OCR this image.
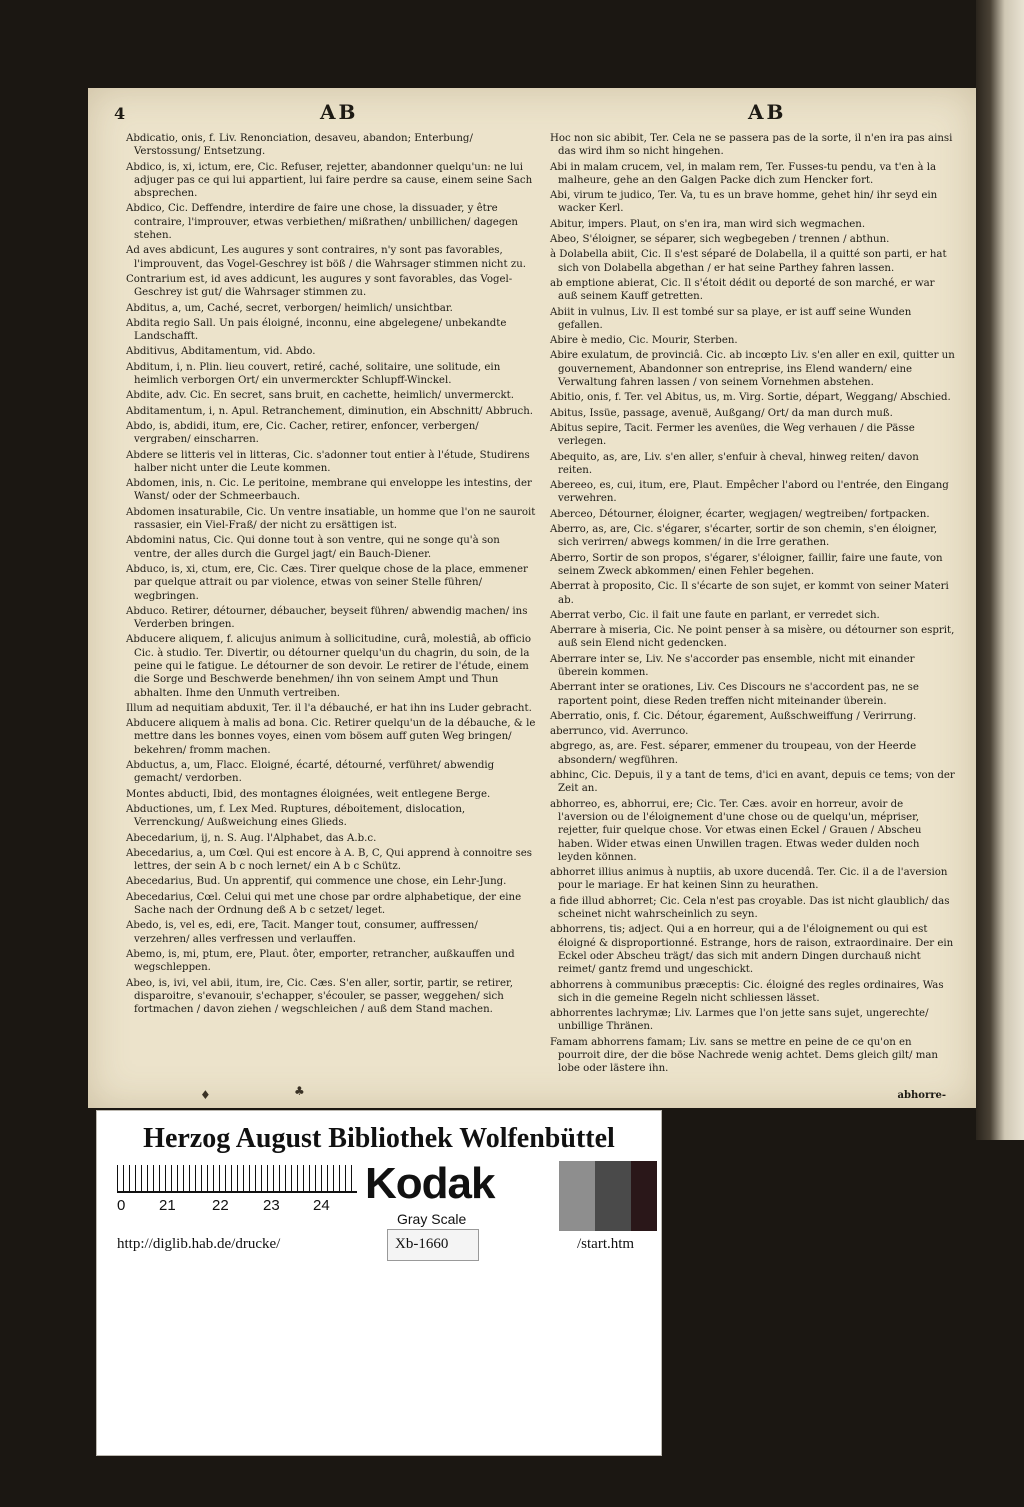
4	AB	AB
Abdicatio, onis, f. Liv. Renonciation, desaveu, abandon; Enterbung/ Verstossung/ Entsetzung.
Abdico, is, xi, ictum, ere, Cic. Refuser, rejetter, abandonner quelqu'un: ne lui adjuger pas ce qui lui appartient, lui faire perdre sa cause, einem seine Sach absprechen.
Abdico, Cic. Deffendre, interdire de faire une chose, la dissuader, y être contraire, l'improuver, etwas verbiethen/ mißrathen/ unbillichen/ dagegen stehen.
Ad aves abdicunt, Les augures y sont contraires, n'y sont pas favorables, l'improuvent, das Vogel-Geschrey ist böß / die Wahrsager stimmen nicht zu.
Contrarium est, id aves addicunt, les augures y sont favorables, das Vogel-Geschrey ist gut/ die Wahrsager stimmen zu.
Abditus, a, um, Caché, secret, verborgen/ heimlich/ unsichtbar.
Abdita regio Sall. Un pais éloigné, inconnu, eine abgelegene/ unbekandte Landschafft.
Abditivus, Abditamentum, vid. Abdo.
Abditum, i, n. Plin. lieu couvert, retiré, caché, solitaire, une solitude, ein heimlich verborgen Ort/ ein unvermerckter Schlupff-Winckel.
Abdite, adv. Cic. En secret, sans bruit, en cachette, heimlich/ unvermerckt.
Abditamentum, i, n. Apul. Retranchement, diminution, ein Abschnitt/ Abbruch.
Abdo, is, abdidi, itum, ere, Cic. Cacher, retirer, enfoncer, verbergen/ vergraben/ einscharren.
Abdere se litteris vel in litteras, Cic. s'adonner tout entier à l'étude, Studirens halber nicht unter die Leute kommen.
Abdomen, inis, n. Cic. Le peritoine, membrane qui enveloppe les intestins, der Wanst/ oder der Schmeerbauch.
Abdomen insaturabile, Cic. Un ventre insatiable, un homme que l'on ne sauroit rassasier, ein Viel-Fraß/ der nicht zu ersättigen ist.
Abdomini natus, Cic. Qui donne tout à son ventre, qui ne songe qu'à son ventre, der alles durch die Gurgel jagt/ ein Bauch-Diener.
Abduco, is, xi, ctum, ere, Cic. Cæs. Tirer quelque chose de la place, emmener par quelque attrait ou par violence, etwas von seiner Stelle führen/ wegbringen.
Abduco. Retirer, détourner, débaucher, beyseit führen/ abwendig machen/ ins Verderben bringen.
Abducere aliquem, f. alicujus animum à sollicitudine, curâ, molestiâ, ab officio Cic. à studio. Ter. Divertir, ou détourner quelqu'un du chagrin, du soin, de la peine qui le fatigue. Le détourner de son devoir. Le retirer de l'étude, einem die Sorge und Beschwerde benehmen/ ihn von seinem Ampt und Thun abhalten. Ihme den Unmuth vertreiben.
Illum ad nequitiam abduxit, Ter. il l'a débauché, er hat ihn ins Luder gebracht.
Abducere aliquem à malis ad bona. Cic. Retirer quelqu'un de la débauche, & le mettre dans les bonnes voyes, einen vom bösem auff guten Weg bringen/ bekehren/ fromm machen.
Abductus, a, um, Flacc. Eloigné, écarté, détourné, verführet/ abwendig gemacht/ verdorben.
Montes abducti, Ibid, des montagnes éloignées, weit entlegene Berge.
Abductiones, um, f. Lex Med. Ruptures, déboitement, dislocation, Verrenckung/ Außweichung eines Glieds.
Abecedarium, ij, n. S. Aug. l'Alphabet, das A.b.c.
Abecedarius, a, um Cœl. Qui est encore à A. B, C, Qui apprend à connoitre ses lettres, der sein A b c noch lernet/ ein A b c Schütz.
Abecedarius, Bud. Un apprentif, qui commence une chose, ein Lehr-Jung.
Abecedarius, Cœl. Celui qui met une chose par ordre alphabetique, der eine Sache nach der Ordnung deß A b c setzet/ leget.
Abedo, is, vel es, edi, ere, Tacit. Manger tout, consumer, auffressen/ verzehren/ alles verfressen und verlauffen.
Abemo, is, mi, ptum, ere, Plaut. ôter, emporter, retrancher, außkauffen und wegschleppen.
Abeo, is, ivi, vel abii, itum, ire, Cic. Cæs. S'en aller, sortir, partir, se retirer, disparoitre, s'evanouir, s'echapper, s'écouler, se passer, weggehen/ sich fortmachen / davon ziehen / wegschleichen / auß dem Stand machen.
Hoc non sic abibit, Ter. Cela ne se passera pas de la sorte, il n'en ira pas ainsi das wird ihm so nicht hingehen.
Abi in malam crucem, vel, in malam rem, Ter. Fusses-tu pendu, va t'en à la malheure, gehe an den Galgen Packe dich zum Hencker fort.
Abi, virum te judico, Ter. Va, tu es un brave homme, gehet hin/ ihr seyd ein wacker Kerl.
Abitur, impers. Plaut, on s'en ira, man wird sich wegmachen.
Abeo, S'éloigner, se séparer, sich wegbegeben / trennen / abthun.
à Dolabella abiit, Cic. Il s'est séparé de Dolabella, il a quitté son parti, er hat sich von Dolabella abgethan / er hat seine Parthey fahren lassen.
ab emptione abierat, Cic. Il s'étoit dédit ou deporté de son marché, er war auß seinem Kauff getretten.
Abiit in vulnus, Liv. Il est tombé sur sa playe, er ist auff seine Wunden gefallen.
Abire è medio, Cic. Mourir, Sterben.
Abire exulatum, de provinciâ. Cic. ab incœpto Liv. s'en aller en exil, quitter un gouvernement, Abandonner son entreprise, ins Elend wandern/ eine Verwaltung fahren lassen / von seinem Vornehmen abstehen.
Abitio, onis, f. Ter. vel Abitus, us, m. Virg. Sortie, départ, Weggang/ Abschied.
Abitus, Issüe, passage, avenuë, Außgang/ Ort/ da man durch muß.
Abitus sepire, Tacit. Fermer les avenües, die Weg verhauen / die Pässe verlegen.
Abequito, as, are, Liv. s'en aller, s'enfuir à cheval, hinweg reiten/ davon reiten.
Abereeo, es, cui, itum, ere, Plaut. Empêcher l'abord ou l'entrée, den Eingang verwehren.
Aberceo, Détourner, éloigner, écarter, wegjagen/ wegtreiben/ fortpacken.
Aberro, as, are, Cic. s'égarer, s'écarter, sortir de son chemin, s'en éloigner, sich verirren/ abwegs kommen/ in die Irre gerathen.
Aberro, Sortir de son propos, s'égarer, s'éloigner, faillir, faire une faute, von seinem Zweck abkommen/ einen Fehler begehen.
Aberrat à proposito, Cic. Il s'écarte de son sujet, er kommt von seiner Materi ab.
Aberrat verbo, Cic. il fait une faute en parlant, er verredet sich.
Aberrare à miseria, Cic. Ne point penser à sa misère, ou détourner son esprit, auß sein Elend nicht gedencken.
Aberrare inter se, Liv. Ne s'accorder pas ensemble, nicht mit einander überein kommen.
Aberrant inter se orationes, Liv. Ces Discours ne s'accordent pas, ne se raportent point, diese Reden treffen nicht miteinander überein.
Aberratio, onis, f. Cic. Détour, égarement, Außschweiffung / Verirrung.
aberrunco, vid. Averrunco.
abgrego, as, are. Fest. séparer, emmener du troupeau, von der Heerde absondern/ wegführen.
abhinc, Cic. Depuis, il y a tant de tems, d'ici en avant, depuis ce tems; von der Zeit an.
abhorreo, es, abhorrui, ere; Cic. Ter. Cæs. avoir en horreur, avoir de l'aversion ou de l'éloignement d'une chose ou de quelqu'un, mépriser, rejetter, fuir quelque chose. Vor etwas einen Eckel / Grauen / Abscheu haben. Wider etwas einen Unwillen tragen. Etwas weder dulden noch leyden können.
abhorret illius animus à nuptiis, ab uxore ducendâ. Ter. Cic. il a de l'aversion pour le mariage. Er hat keinen Sinn zu heurathen.
a fide illud abhorret; Cic. Cela n'est pas croyable. Das ist nicht glaublich/ das scheinet nicht wahrscheinlich zu seyn.
abhorrens, tis; adject. Qui a en horreur, qui a de l'éloignement ou qui est éloigné & disproportionné. Estrange, hors de raison, extraordinaire. Der ein Eckel oder Abscheu trägt/ das sich mit andern Dingen durchauß nicht reimet/ gantz fremd und ungeschickt.
abhorrens à communibus præceptis: Cic. éloigné des regles ordinaires, Was sich in die gemeine Regeln nicht schliessen lässet.
abhorrentes lachrymæ; Liv. Larmes que l'on jette sans sujet, ungerechte/ unbillige Thränen.
Famam abhorrens famam; Liv. sans se mettre en peine de ce qu'on en pourroit dire, der die böse Nachrede wenig achtet. Dems gleich gilt/ man lobe oder lästere ihn.
abhorre-
♦	♣
Herzog August Bibliothek Wolfenbüttel
0 21 22 23 24 Kodak
Gray Scale
http://diglib.hab.de/drucke/	Xb-1660	/start.htm
